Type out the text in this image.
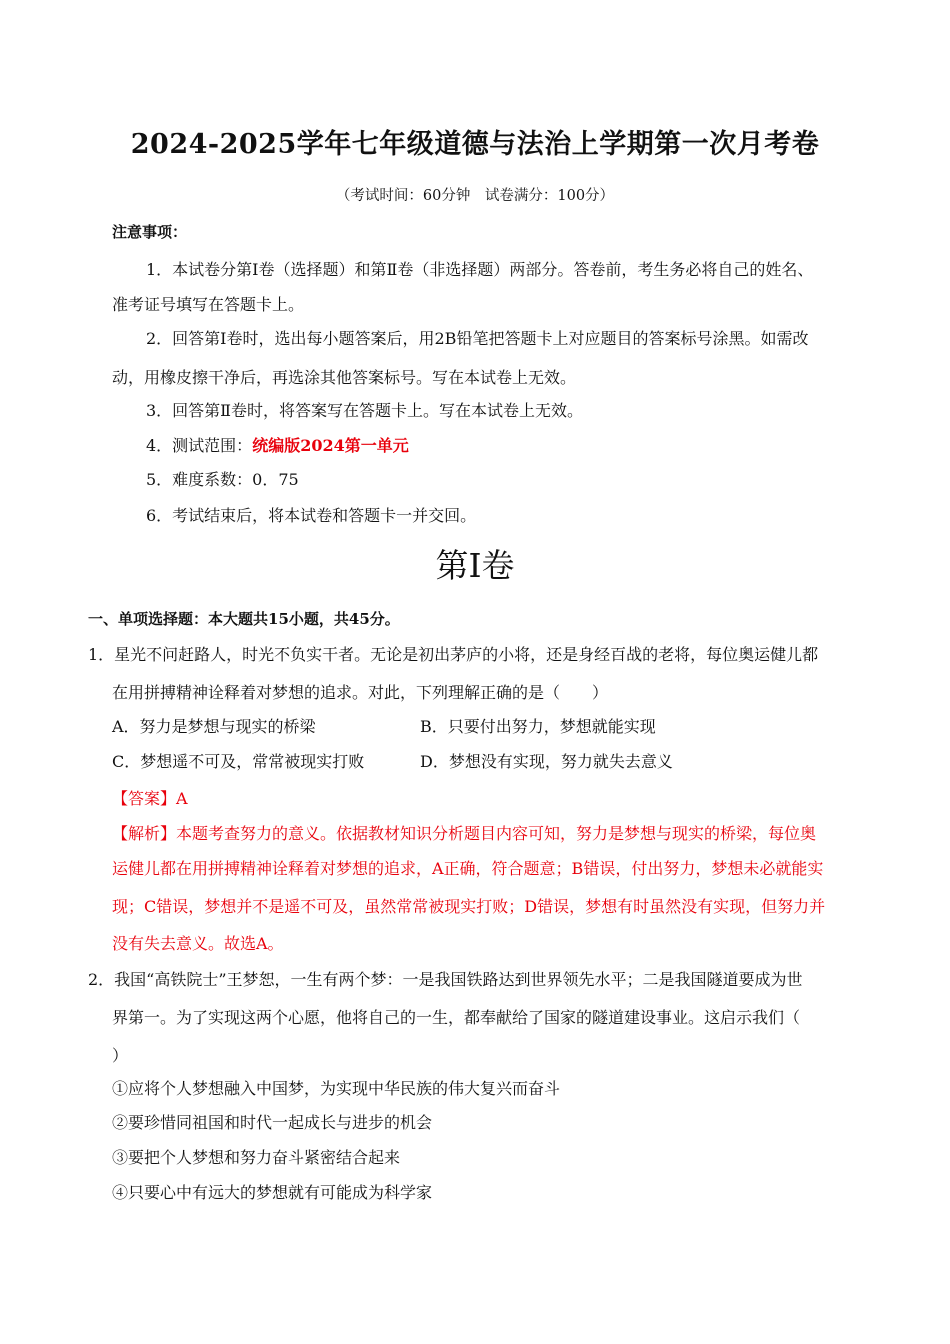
2024-2025学年七年级道德与法治上学期第一次月考卷
（考试时间：60分钟　试卷满分：100分）
注意事项：
1．本试卷分第Ⅰ卷（选择题）和第Ⅱ卷（非选择题）两部分。答卷前，考生务必将自己的姓名、
准考证号填写在答题卡上。
2．回答第Ⅰ卷时，选出每小题答案后，用2B铅笔把答题卡上对应题目的答案标号涂黑。如需改
动，用橡皮擦干净后，再选涂其他答案标号。写在本试卷上无效。
3．回答第Ⅱ卷时，将答案写在答题卡上。写在本试卷上无效。
4．测试范围：统编版2024第一单元
5．难度系数：0．75
6．考试结束后，将本试卷和答题卡一并交回。
第Ⅰ卷
一、单项选择题：本大题共15小题，共45分。
1．星光不问赶路人，时光不负实干者。无论是初出茅庐的小将，还是身经百战的老将，每位奥运健儿都
在用拼搏精神诠释着对梦想的追求。对此，下列理解正确的是（　　）
A．努力是梦想与现实的桥梁	B．只要付出努力，梦想就能实现
C．梦想遥不可及，常常被现实打败	D．梦想没有实现，努力就失去意义
【答案】A
【解析】本题考查努力的意义。依据教材知识分析题目内容可知，努力是梦想与现实的桥梁，每位奥
运健儿都在用拼搏精神诠释着对梦想的追求，A正确，符合题意；B错误，付出努力，梦想未必就能实
现；C错误，梦想并不是遥不可及，虽然常常被现实打败；D错误，梦想有时虽然没有实现，但努力并
没有失去意义。故选A。
2．我国“高铁院士”王梦恕，一生有两个梦：一是我国铁路达到世界领先水平；二是我国隧道要成为世
界第一。为了实现这两个心愿，他将自己的一生，都奉献给了国家的隧道建设事业。这启示我们（
）
①应将个人梦想融入中国梦，为实现中华民族的伟大复兴而奋斗
②要珍惜同祖国和时代一起成长与进步的机会
③要把个人梦想和努力奋斗紧密结合起来
④只要心中有远大的梦想就有可能成为科学家
